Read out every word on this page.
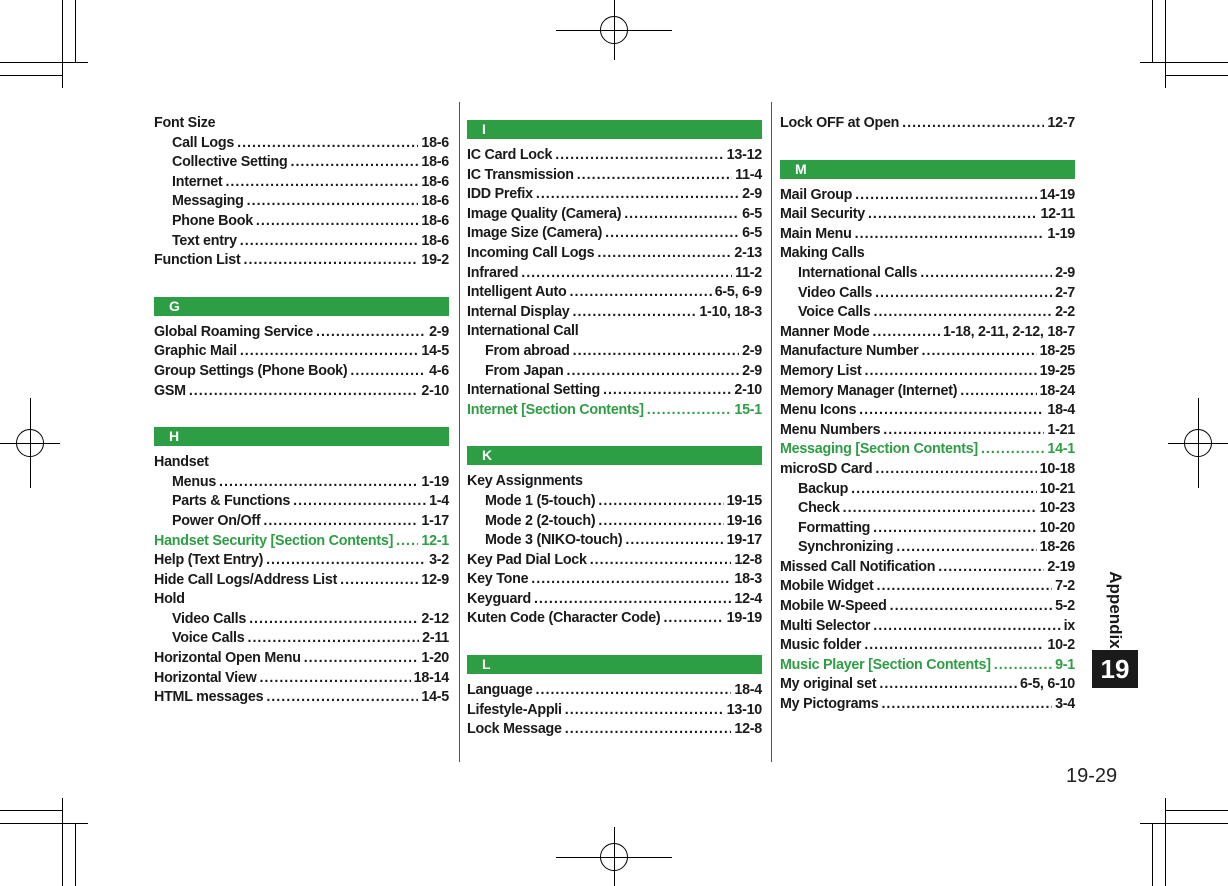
Font Size
Call Logs .....	18-6
Collective Setting .....	18-6
Internet .....	18-6
Messaging .....	18-6
Phone Book .....	18-6
Text entry .....	18-6
Function List .....	19-2
G
Global Roaming Service .....	2-9
Graphic Mail .....	14-5
Group Settings (Phone Book) .....	4-6
GSM .....	2-10
H
Handset
Menus .....	1-19
Parts & Functions .....	1-4
Power On/Off .....	1-17
Handset Security [Section Contents] ..... 12-1
Help (Text Entry) .....	3-2
Hide Call Logs/Address List .....	12-9
Hold
Video Calls .....	2-12
Voice Calls .....	2-11
Horizontal Open Menu .....	1-20
Horizontal View .....	18-14
HTML messages .....	14-5
I
IC Card Lock .....	13-12
IC Transmission .....	11-4
IDD Prefix .....	2-9
Image Quality (Camera) .....	6-5
Image Size (Camera) .....	6-5
Incoming Call Logs .....	2-13
Infrared .....	11-2
Intelligent Auto .....	6-5, 6-9
Internal Display .....	1-10, 18-3
International Call
From abroad .....	2-9
From Japan .....	2-9
International Setting .....	2-10
Internet [Section Contents] .....	15-1
K
Key Assignments
Mode 1 (5-touch) .....	19-15
Mode 2 (2-touch) .....	19-16
Mode 3 (NIKO-touch) .....	19-17
Key Pad Dial Lock .....	12-8
Key Tone .....	18-3
Keyguard .....	12-4
Kuten Code (Character Code) .....	19-19
L
Language .....	18-4
Lifestyle-Appli .....	13-10
Lock Message .....	12-8
Lock OFF at Open .....	12-7
M
Mail Group .....	14-19
Mail Security .....	12-11
Main Menu .....	1-19
Making Calls
International Calls .....	2-9
Video Calls .....	2-7
Voice Calls .....	2-2
Manner Mode .....	1-18, 2-11, 2-12, 18-7
Manufacture Number .....	18-25
Memory List .....	19-25
Memory Manager (Internet) .....	18-24
Menu Icons .....	18-4
Menu Numbers .....	1-21
Messaging [Section Contents] .....	14-1
microSD Card .....	10-18
Backup .....	10-21
Check .....	10-23
Formatting .....	10-20
Synchronizing .....	18-26
Missed Call Notification .....	2-19
Mobile Widget .....	7-2
Mobile W-Speed .....	5-2
Multi Selector .....	ix
Music folder .....	10-2
Music Player [Section Contents] .....	9-1
My original set .....	6-5, 6-10
My Pictograms .....	3-4
Appendix
19
19-29
